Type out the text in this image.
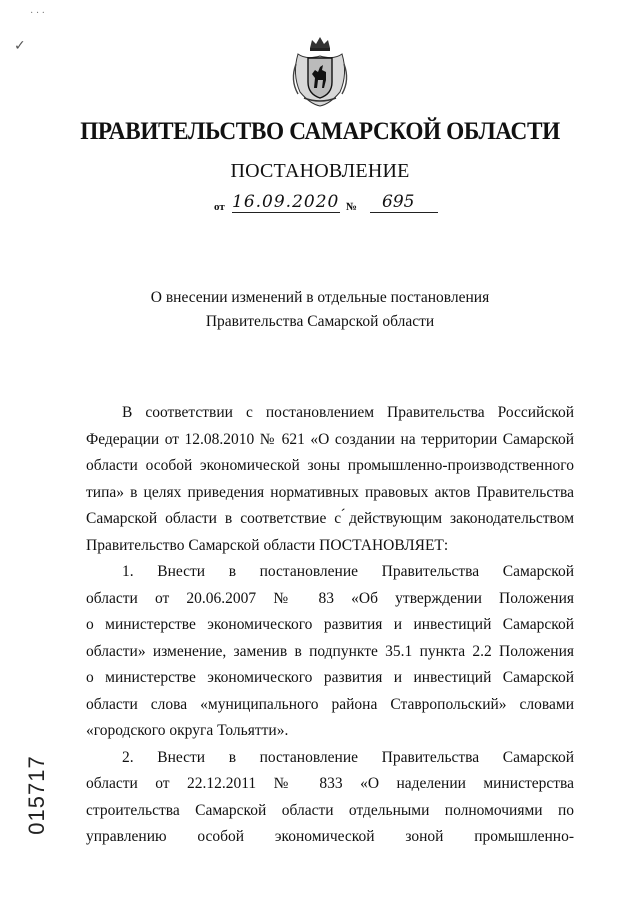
· · ·
✓
ПРАВИТЕЛЬСТВО САМАРСКОЙ ОБЛАСТИ
ПОСТАНОВЛЕНИЕ
от 16.09.2020 №	695
О внесении изменений в отдельные постановления
Правительства Самарской области

В соответствии с постановлением Правительства Российской
Федерации от 12.08.2010 № 621 «О создании на территории Самарской
области особой экономической зоны промышленно-производственного
типа» в целях приведения нормативных правовых актов Правительства
Самарской области в соответствие с ́действующим законодательством
Правительство Самарской области ПОСТАНОВЛЯЕТ:

1. Внести в постановление Правительства Самарской
области от 20.06.2007 № 83 «Об утверждении Положения
о министерстве экономического развития и инвестиций Самарской
области» изменение, заменив в подпункте 35.1 пункта 2.2 Положения
о министерстве экономического развития и инвестиций Самарской
области слова «муниципального района Ставропольский» словами
«городского округа Тольятти».

2. Внести в постановление Правительства Самарской
области от 22.12.2011 № 833 «О наделении министерства
строительства Самарской области отдельными полномочиями по
управлению особой экономической зоной промышленно-

015717
